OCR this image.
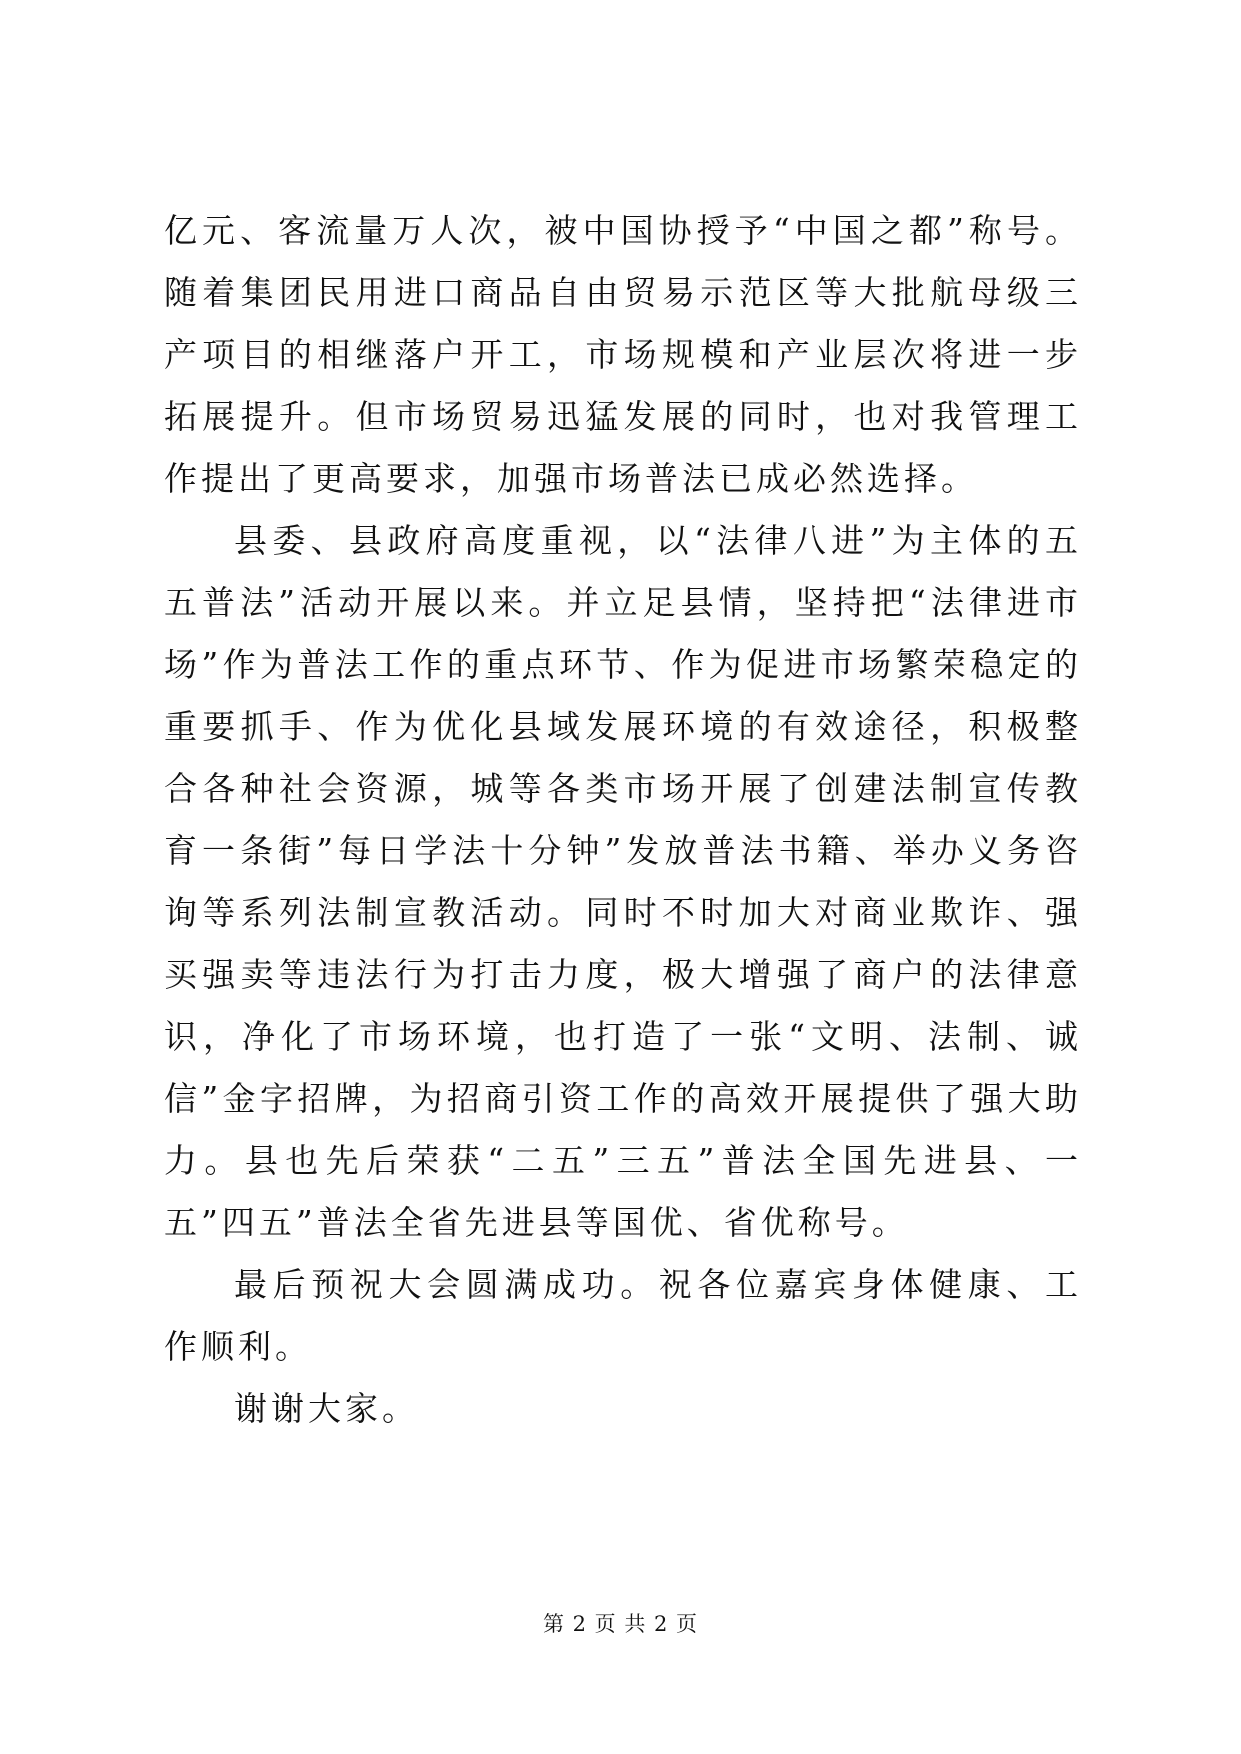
亿元、客流量万人次，被中国协授予“中国之都”称号。随着集团民用进口商品自由贸易示范区等大批航母级三产项目的相继落户开工，市场规模和产业层次将进一步拓展提升。但市场贸易迅猛发展的同时，也对我管理工作提出了更高要求，加强市场普法已成必然选择。

县委、县政府高度重视，以“法律八进”为主体的五五普法”活动开展以来。并立足县情，坚持把“法律进市场”作为普法工作的重点环节、作为促进市场繁荣稳定的重要抓手、作为优化县域发展环境的有效途径，积极整合各种社会资源，城等各类市场开展了创建法制宣传教育一条街”每日学法十分钟”发放普法书籍、举办义务咨询等系列法制宣教活动。同时不时加大对商业欺诈、强买强卖等违法行为打击力度，极大增强了商户的法律意识，净化了市场环境，也打造了一张“文明、法制、诚信”金字招牌，为招商引资工作的高效开展提供了强大助力。县也先后荣获“二五”三五”普法全国先进县、一五”四五”普法全省先进县等国优、省优称号。

最后预祝大会圆满成功。祝各位嘉宾身体健康、工作顺利。

谢谢大家。

第 2 页 共 2 页
